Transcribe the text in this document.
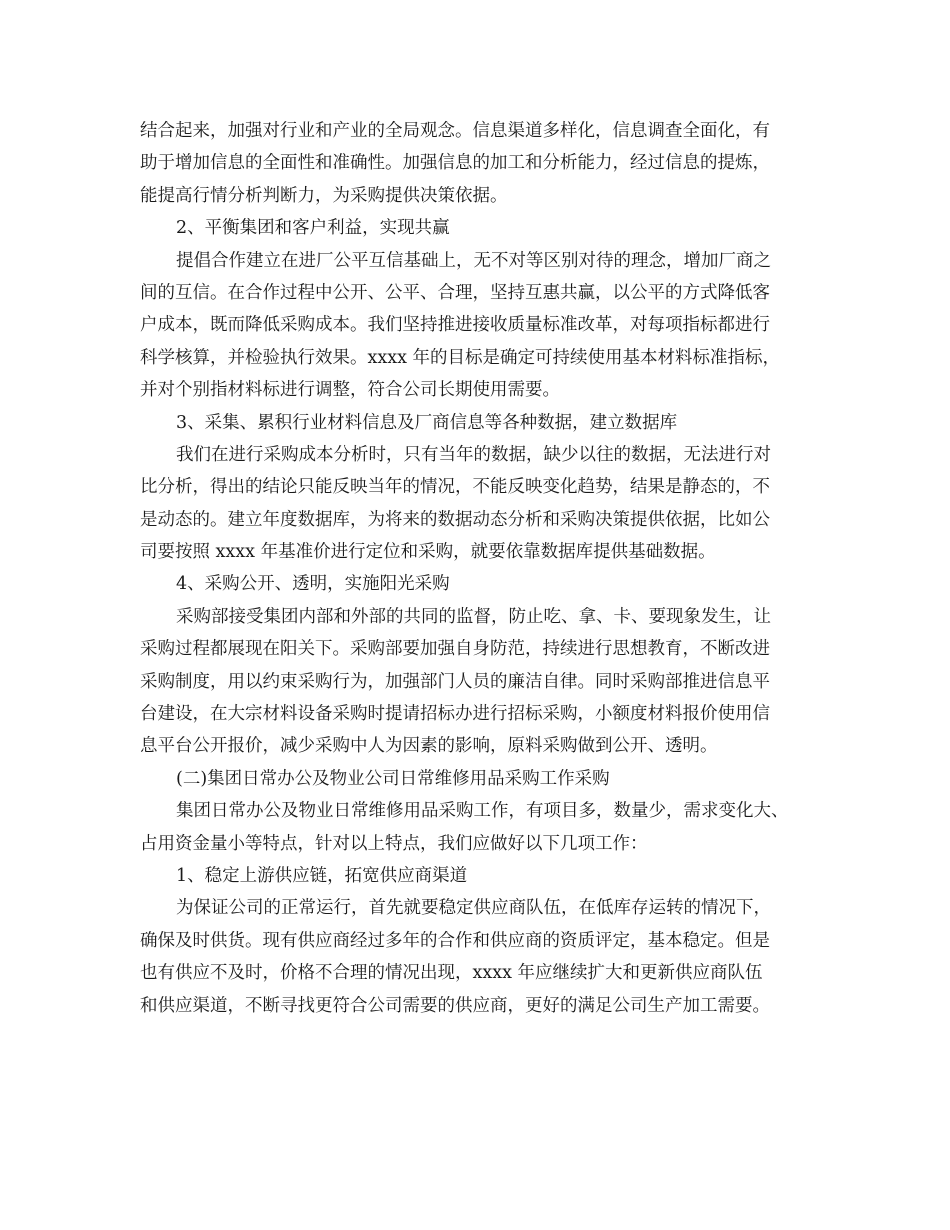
结合起来，加强对行业和产业的全局观念。信息渠道多样化，信息调查全面化，有
助于增加信息的全面性和准确性。加强信息的加工和分析能力，经过信息的提炼，
能提高行情分析判断力，为采购提供决策依据。
2、平衡集团和客户利益，实现共赢
提倡合作建立在进厂公平互信基础上，无不对等区别对待的理念，增加厂商之
间的互信。在合作过程中公开、公平、合理，坚持互惠共赢，以公平的方式降低客
户成本，既而降低采购成本。我们坚持推进接收质量标准改革，对每项指标都进行
科学核算，并检验执行效果。xxxx 年的目标是确定可持续使用基本材料标准指标，
并对个别指材料标进行调整，符合公司长期使用需要。
3、采集、累积行业材料信息及厂商信息等各种数据，建立数据库
我们在进行采购成本分析时，只有当年的数据，缺少以往的数据，无法进行对
比分析，得出的结论只能反映当年的情况，不能反映变化趋势，结果是静态的，不
是动态的。建立年度数据库，为将来的数据动态分析和采购决策提供依据，比如公
司要按照 xxxx 年基准价进行定位和采购，就要依靠数据库提供基础数据。
4、采购公开、透明，实施阳光采购
采购部接受集团内部和外部的共同的监督，防止吃、拿、卡、要现象发生，让
采购过程都展现在阳关下。采购部要加强自身防范，持续进行思想教育，不断改进
采购制度，用以约束采购行为，加强部门人员的廉洁自律。同时采购部推进信息平
台建设，在大宗材料设备采购时提请招标办进行招标采购，小额度材料报价使用信
息平台公开报价，减少采购中人为因素的影响，原料采购做到公开、透明。
(二)集团日常办公及物业公司日常维修用品采购工作采购
集团日常办公及物业日常维修用品采购工作，有项目多，数量少，需求变化大、
占用资金量小等特点，针对以上特点，我们应做好以下几项工作：
1、稳定上游供应链，拓宽供应商渠道
为保证公司的正常运行，首先就要稳定供应商队伍，在低库存运转的情况下，
确保及时供货。现有供应商经过多年的合作和供应商的资质评定，基本稳定。但是
也有供应不及时，价格不合理的情况出现，xxxx 年应继续扩大和更新供应商队伍
和供应渠道，不断寻找更符合公司需要的供应商，更好的满足公司生产加工需要。
